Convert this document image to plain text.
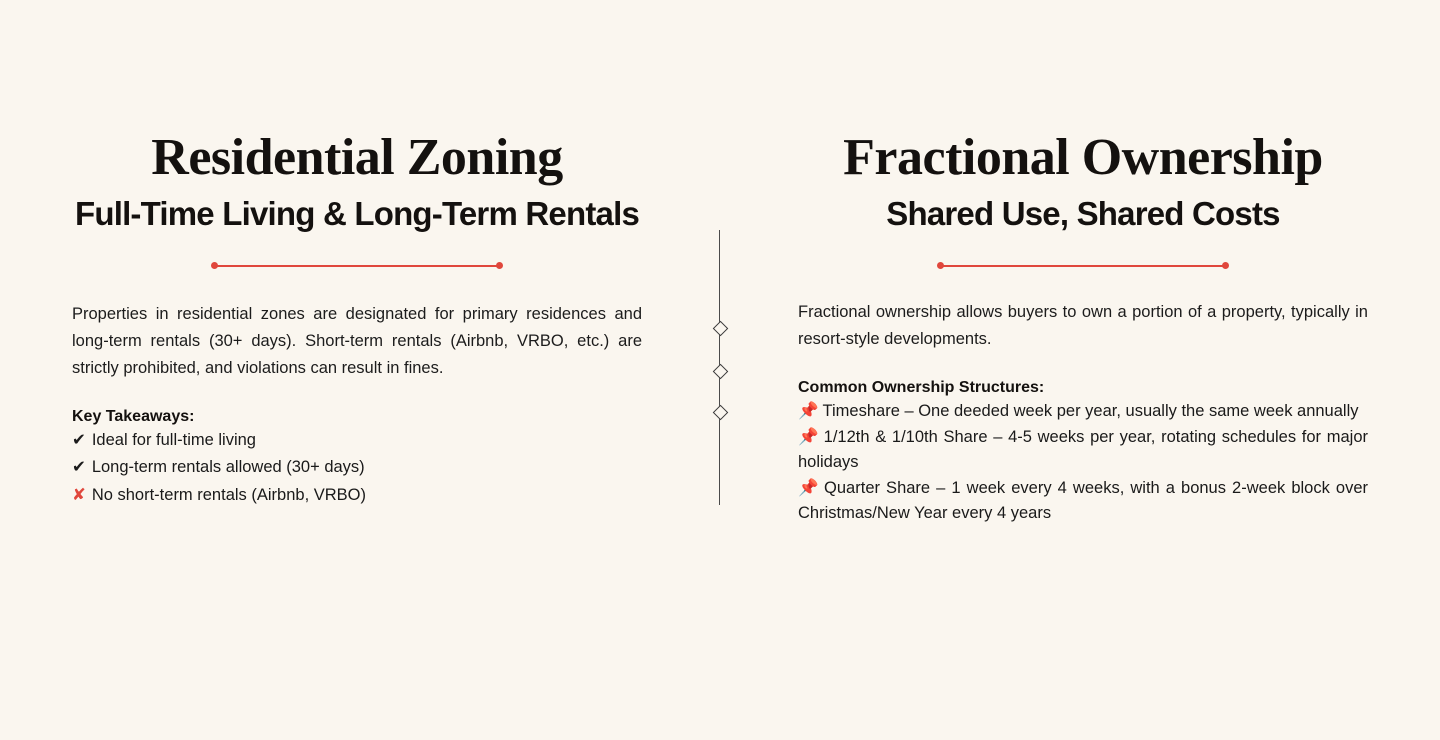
Residential Zoning
Full-Time Living & Long-Term Rentals

Properties in residential zones are designated for primary residences and long-term rentals (30+ days). Short-term rentals (Airbnb, VRBO, etc.) are strictly prohibited, and violations can result in fines.

Key Takeaways:

✔ Ideal for full-time living
✔ Long-term rentals allowed (30+ days)
✘ No short-term rentals (Airbnb, VRBO)
Fractional Ownership
Shared Use, Shared Costs

Fractional ownership allows buyers to own a portion of a property, typically in resort-style developments.

Common Ownership Structures:

📌 Timeshare – One deeded week per year, usually the same week annually
📌 1/12th & 1/10th Share – 4-5 weeks per year, rotating schedules for major holidays
📌 Quarter Share – 1 week every 4 weeks, with a bonus 2-week block over Christmas/New Year every 4 years
